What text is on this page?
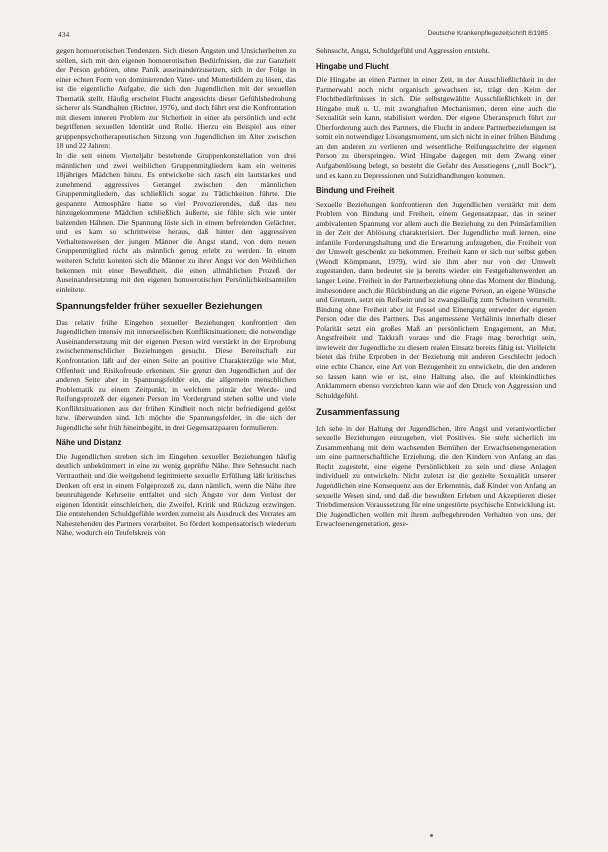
434	Deutsche Krankenpflegezeitschrift 8/1985

gegen homoerotischen Tendenzen. Sich diesen Ängsten und Unsicherheiten zu stellen, sich mit den eigenen homoerotischen Bedürfnissen, die zur Ganzheit der Person gehören, ohne Panik auseinanderzusetzen, sich in der Folge in einer echten Form von dominierenden Vater- und Mutterbildern zu lösen, das ist die eigentliche Aufgabe, die sich den Jugendlichen mit der sexuellen Thematik stellt. Häufig erscheint Flucht angesichts dieser Gefühlsbedrohung sicherer als Standhalten (Richter, 1976), und doch führt erst die Konfrontation mit diesem inneren Problem zur Sicherheit in einer als persönlich und echt begriffenen sexuellen Identität und Rolle. Hierzu ein Beispiel aus einer gruppenpsychotherapeutischen Sitzung von Jugendlichen im Alter zwischen 18 und 22 Jahren:

In die seit einem Vierteljahr bestehende Gruppenkonstellation von drei männlichen und zwei weiblichen Gruppenmitgliedern kam ein weiteres 18jähriges Mädchen hinzu. Es entwickelte sich rasch ein lautstarkes und zunehmend aggressives Gerangel zwischen den männlichen Gruppenmitgliedern, das schließlich sogar zu Tätlichkeiten führte. Die gespannte Atmosphäre hatte so viel Provozierendes, daß das neu hinzugekommene Mädchen schließlich äußerte, sie fühle sich wie unter balzenden Hähnen. Die Spannung löste sich in einem befreienden Gelächter, und es kam so schrittweise heraus, daß hinter den aggressiven Verhaltensweisen der jungen Männer die Angst stand, von dem neuen Gruppenmitglied nicht als männlich genug erlebt zu werden. In einem weiteren Schritt konnten sich die Männer zu ihrer Angst vor den Weiblichen bekennen mit einer Bewußtheit, die einen allmählichen Prozeß der Auseinandersetzung mit den eigenen homoerotischen Persönlichkeitsanteilen einleitete.

Spannungsfelder früher sexueller Beziehungen

Das relativ frühe Eingehen sexueller Beziehungen konfrontiert den Jugendlichen intensiv mit innerseelischen Konfliktsituationen; die notwendige Auseinandersetzung mit der eigenen Person wird verstärkt in der Erprobung zwischenmenschlicher Beziehungen gesucht. Diese Bereitschaft zur Konfrontation läßt auf der einen Seite an positive Charakterzüge wie Mut, Offenheit und Risikofreude erkennen. Sie grenzt den Jugendlichen auf der anderen Seite aber in Spannungsfelder ein, die allgemein menschlichen Problematik zu einem Zeitpunkt, in welchem primär der Werde- und Reifungsprozeß der eigenen Person im Vordergrund stehen sollte und viele Konfliktsituationen aus der frühen Kindheit noch nicht befriedigend gelöst bzw. überwunden sind. Ich möchte die Spannungsfelder, in die sich der Jugendliche sehr früh hineinbegibt, in drei Gegensatzpaaren formulieren.

Nähe und Distanz

Die Jugendlichen streben sich im Eingehen sexueller Beziehungen häufig deutlich unbekümmert in eine zu wenig geprüfte Nähe. Ihre Sehnsucht nach Vertrautheit und die weitgehend legitimierte sexuelle Erfüllung läßt kritisches Denken oft erst in einem Folgeprozeß zu, dann nämlich, wenn die Nähe ihre beunruhigende Kehrseite entfaltet und sich Ängste vor dem Verlust der eigenen Identität einschleichen, die Zweifel, Kritik und Rückzug erzwingen. Die entstehenden Schuldgefühle werden zumeist als Ausdruck des Verrates am Nahestehenden des Partners verarbeitet. So fördert kompensatorisch wiederum Nähe, wodurch ein Teufelskreis von

Sehnsucht, Angst, Schuldgefühl und Aggression entsteht.

Hingabe und Flucht

Die Hingabe an einen Partner in einer Zeit, in der Ausschließlichkeit in der Partnerwahl noch nicht organisch gewachsen ist, trägt den Keim der Fluchtbedürftnisses in sich. Die selbstgewählte Ausschließlichkeit in der Hingabe muß u. U. mit zwanghaften Mechanismen, deren eine auch die Sexualität sein kann, stabilisiert werden. Der eigene Überanspruch führt zur Überforderung auch des Partners, die Flucht in andere Partnerbeziehungen ist somit ein notwendiger Lösungsmoment, um sich nicht in einer frühen Bindung an den anderen zu verlieren und wesentliche Reifungsschritte der eigenen Person zu überspringen. Wird Hingabe dagegen mit dem Zwang einer Aufgabenlösung belegt, so besteht die Gefahr des Ausstiegens („null Bock“), und es kann zu Depressionen und Suizidhandlungen kommen.

Bindung und Freiheit

Sexuelle Beziehungen konfrontieren den Jugendlichen verstärkt mit dem Problem von Bindung und Freiheit, einem Gegensatzpaar, das in seiner ambivalenten Spannung vor allem auch die Beziehung zu den Primärfamilien in der Zeit der Ablösung charakterisiert. Der Jugendliche muß lernen, eine infantile Forderungshaltung und die Erwartung aufzugeben, die Freiheit von der Umwelt geschenkt zu bekommen. Freiheit kann er sich nur selbst geben (Wendl Kömpmann, 1979), wird sie ihm aber nur von der Umwelt zugestanden, dann bedeutet sie ja bereits wieder ein Festgehaltenwerden an langer Leine. Freiheit in der Partnerbeziehung ohne das Moment der Bindung, insbesondere auch die Rückbindung an die eigene Person, an eigene Wünsche und Grenzen, setzt ein Reifsein und ist zwangsläufig zum Scheitern verurteilt. Bindung ohne Freiheit aber ist Fessel und Einengung entweder der eigenen Person oder die des Partners. Das angemessene Verhältnis innerhalb dieser Polarität setzt ein großes Maß an persönlichem Engagement, an Mut, Angstfreiheit und Takkraft voraus und die Frage mag berechtigt sein, inwieweit der Jugendliche zu diesem realen Einsatz bereits fähig ist. Vielleicht bietet das frühe Erproben in der Beziehung mit anderen Geschlecht jedoch eine echte Chance, eine Art von Bezugenheit zu entwickeln, die den anderen so lassen kann wie er ist, eine Haltung also, die auf kleinkindliches Anklammern ebenso verzichten kann wie auf den Druck von Aggression und Schuldgefühl.

Zusammenfassung

Ich sehe in der Haltung der Jugendlichen, ihre Angst und verantwortlicher sexuelle Beziehungen einzugehen, viel Positives. Sie steht sicherlich im Zusammenhang mit dem wachsenden Bemühen der Erwachsenengeneration um eine partnerschaftliche Erziehung, die den Kindern von Anfang an das Recht zugesteht, eine eigene Persönlichkeit zu sein und diese Anlagen individuell zu entwickeln. Nicht zuletzt ist die gezielte Sexualität unserer Jugendlichen eine Konsequenz aus der Erkenntnis, daß Kinder von Anfang an sexuelle Wesen sind, und daß die bewußten Erleben und Akzeptieren dieser Triebdimension Voraussetzung für eine ungestörte psychische Entwicklung ist.

Die Jugendlichen wollen mit ihrem aufbegehrenden Verhalten von uns, der Erwachsenengeneration, gese-
